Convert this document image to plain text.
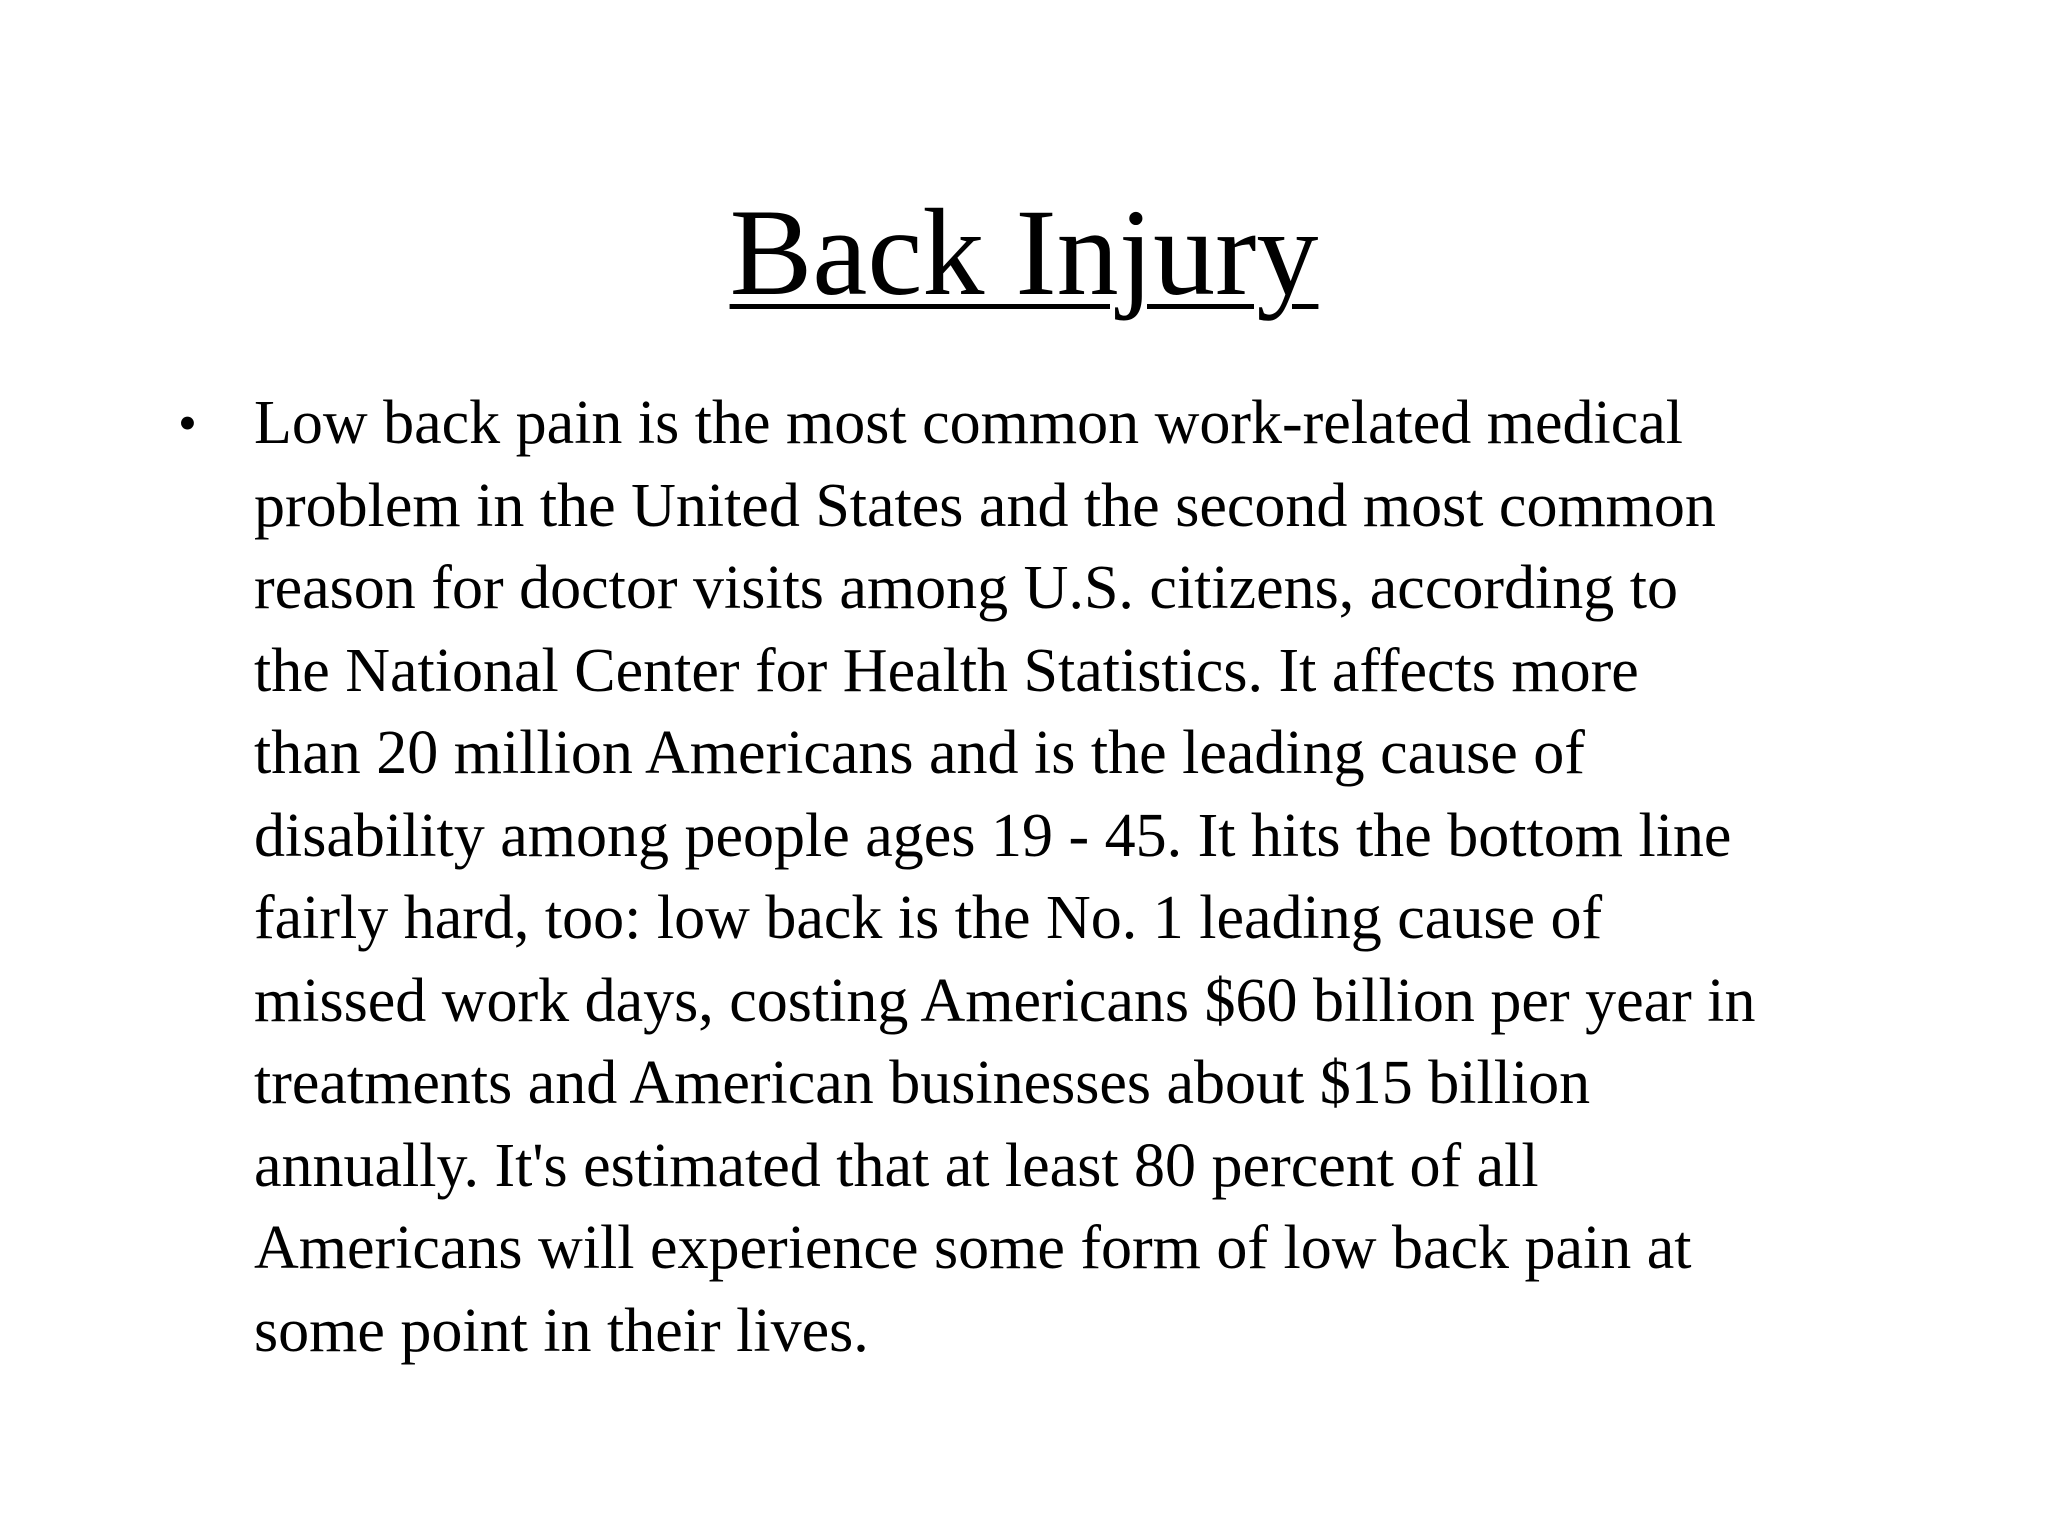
Back Injury
• Low back pain is the most common work-related medical
problem in the United States and the second most common
reason for doctor visits among U.S. citizens, according to
the National Center for Health Statistics. It affects more
than 20 million Americans and is the leading cause of
disability among people ages 19 - 45. It hits the bottom line
fairly hard, too: low back is the No. 1 leading cause of
missed work days, costing Americans $60 billion per year in
treatments and American businesses about $15 billion
annually. It's estimated that at least 80 percent of all
Americans will experience some form of low back pain at
some point in their lives.
